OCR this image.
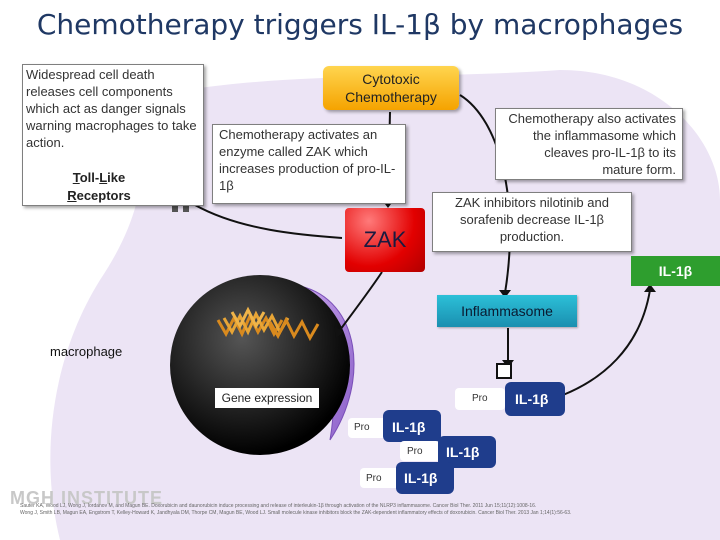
Chemotherapy triggers IL-1β by macrophages
Widespread cell death releases cell components which act as danger signals warning macrophages to take action.
Toll-Like
Receptors
Cytotoxic
Chemotherapy
Chemotherapy activates an enzyme called ZAK which increases production of pro-IL-1β
Chemotherapy also activates the inflammasome which cleaves pro-IL-1β to its mature form.
ZAK
ZAK inhibitors nilotinib and sorafenib decrease IL-1β production.
IL-1β
Inflammasome
macrophage
Gene expression	Pro IL-1β
Pro IL-1β
Pro IL-1β
Pro IL-1β
MGH INSTITUTE
Sauter KA, Wood LJ, Wong J, Iordanov M, and Magun BE. Doxorubicin and daunorubicin induce processing and release of interleukin-1β through activation of the NLRP3 inflammasome. Cancer Biol Ther. 2011 Jun 15;11(12):1008-16.
Wong J, Smith LB, Magun EA, Engstrom T, Kelley-Howard K, Jandhyala DM, Thorpe CM, Magun BE, Wood LJ. Small molecule kinase inhibitors block the ZAK-dependent inflammatory effects of doxorubicin. Cancer Biol Ther. 2013 Jan 1;14(1):56-63.
